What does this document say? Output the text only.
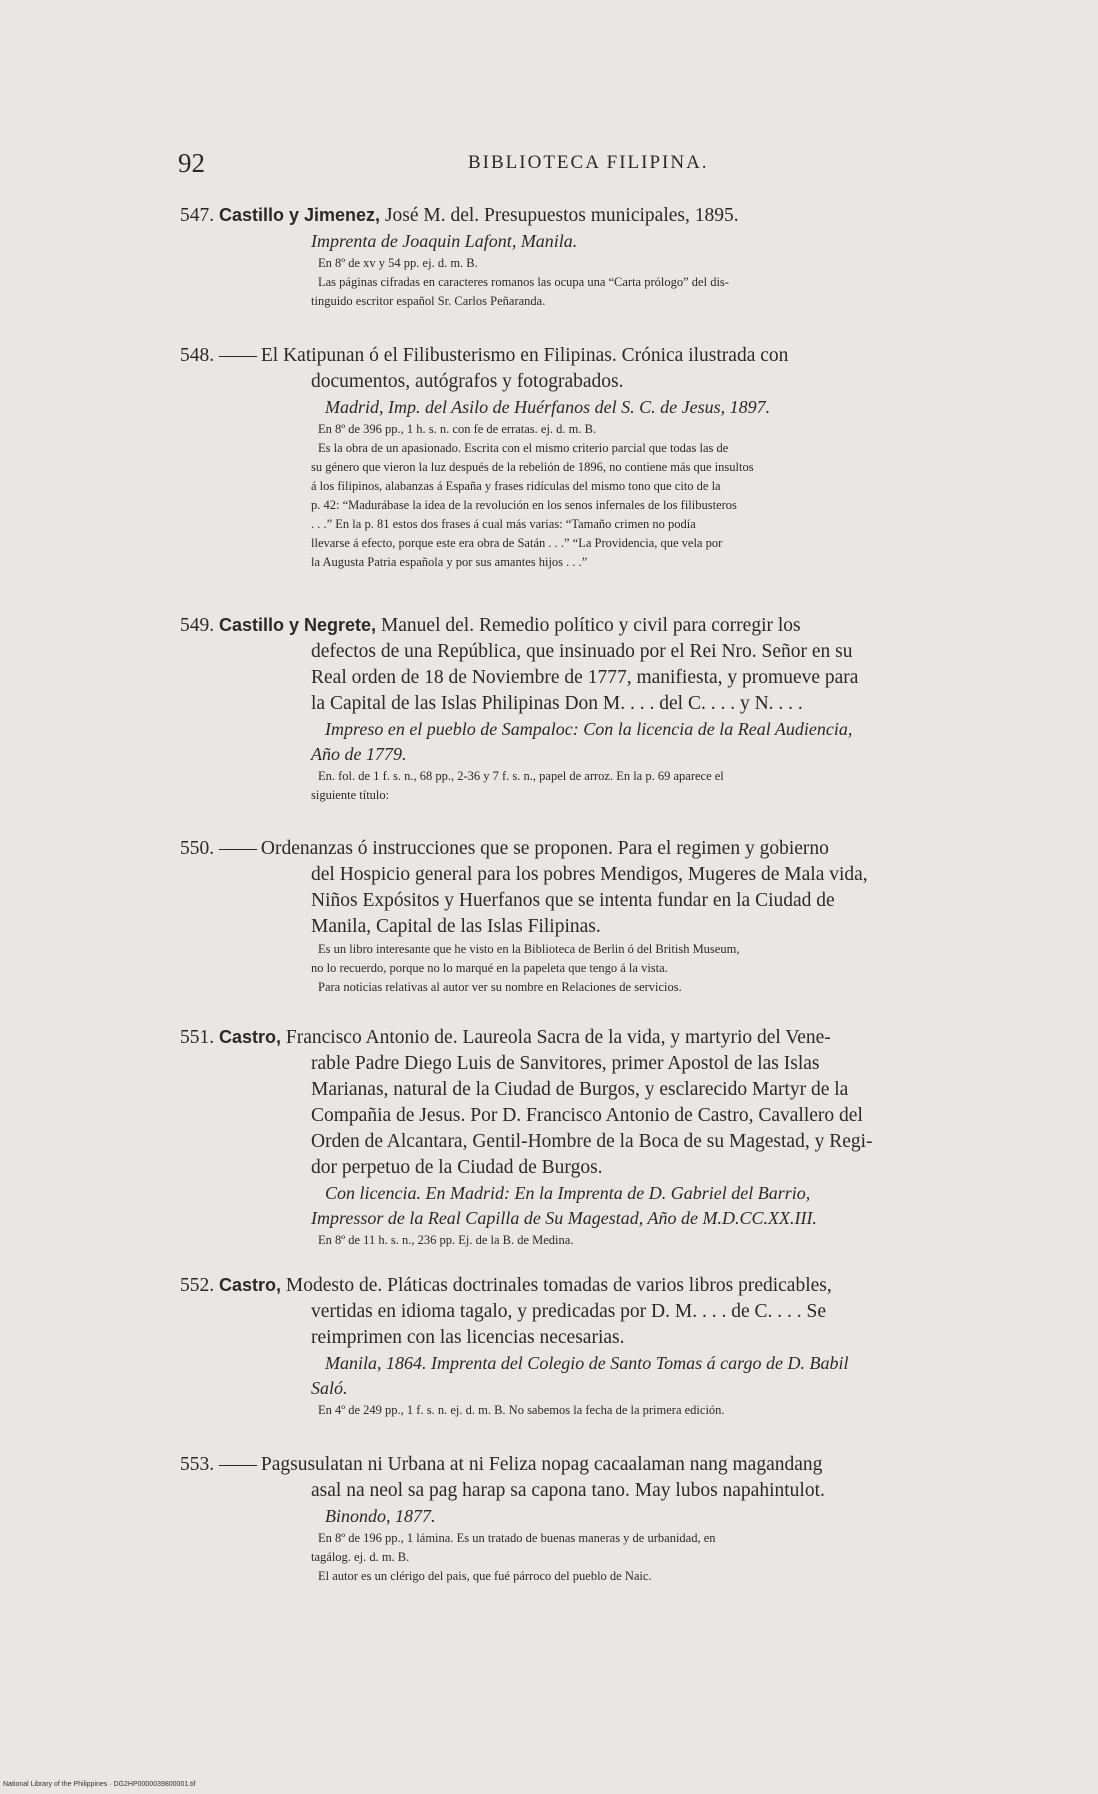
92	BIBLIOTECA FILIPINA.
547. Castillo y Jimenez, José M. del. Presupuestos municipales, 1895.
Imprenta de Joaquin Lafont, Manila.
En 8º de xv y 54 pp. ej. d. m. B.
Las páginas cifradas en caracteres romanos las ocupa una “Carta prólogo” del dis-
tinguido escritor español Sr. Carlos Peñaranda.
548. —— El Katipunan ó el Filibusterismo en Filipinas. Crónica ilustrada con
documentos, autógrafos y fotograbados.
Madrid, Imp. del Asilo de Huérfanos del S. C. de Jesus, 1897.
En 8º de 396 pp., 1 h. s. n. con fe de erratas. ej. d. m. B.
Es la obra de un apasionado. Escrita con el mismo criterio parcial que todas las de
su género que vieron la luz después de la rebelión de 1896, no contiene más que insultos
á los filipinos, alabanzas á España y frases ridículas del mismo tono que cito de la
p. 42: “Madurábase la idea de la revolución en los senos infernales de los filibusteros
. . .” En la p. 81 estos dos frases á cual más varias: “Tamaño crimen no podía
llevarse á efecto, porque este era obra de Satán . . .” “La Providencia, que vela por
la Augusta Patria española y por sus amantes hijos . . .”
549. Castillo y Negrete, Manuel del. Remedio político y civil para corregir los
defectos de una República, que insinuado por el Rei Nro. Señor en su
Real orden de 18 de Noviembre de 1777, manifiesta, y promueve para
la Capital de las Islas Philipinas Don M. . . . del C. . . . y N. . . .
Impreso en el pueblo de Sampaloc: Con la licencia de la Real Audiencia,
Año de 1779.
En. fol. de 1 f. s. n., 68 pp., 2-36 y 7 f. s. n., papel de arroz. En la p. 69 aparece el
siguiente título:
550. —— Ordenanzas ó instrucciones que se proponen. Para el regimen y gobierno
del Hospicio general para los pobres Mendigos, Mugeres de Mala vida,
Niños Expósitos y Huerfanos que se intenta fundar en la Ciudad de
Manila, Capital de las Islas Filipinas.
Es un libro interesante que he visto en la Biblioteca de Berlin ó del British Museum,
no lo recuerdo, porque no lo marqué en la papeleta que tengo á la vista.
Para noticias relativas al autor ver su nombre en Relaciones de servicios.
551. Castro, Francisco Antonio de. Laureola Sacra de la vida, y martyrio del Vene-
rable Padre Diego Luis de Sanvitores, primer Apostol de las Islas
Marianas, natural de la Ciudad de Burgos, y esclarecido Martyr de la
Compañia de Jesus. Por D. Francisco Antonio de Castro, Cavallero del
Orden de Alcantara, Gentil-Hombre de la Boca de su Magestad, y Regi-
dor perpetuo de la Ciudad de Burgos.
Con licencia. En Madrid: En la Imprenta de D. Gabriel del Barrio,
Impressor de la Real Capilla de Su Magestad, Año de M.D.CC.XX.III.
En 8º de 11 h. s. n., 236 pp. Ej. de la B. de Medina.
552. Castro, Modesto de. Pláticas doctrinales tomadas de varios libros predicables,
vertidas en idioma tagalo, y predicadas por D. M. . . . de C. . . . Se
reimprimen con las licencias necesarias.
Manila, 1864. Imprenta del Colegio de Santo Tomas á cargo de D. Babil
Saló.
En 4º de 249 pp., 1 f. s. n. ej. d. m. B. No sabemos la fecha de la primera edición.
553. —— Pagsusulatan ni Urbana at ni Feliza nopag cacaalaman nang magandang
asal na neol sa pag harap sa capona tano. May lubos napahintulot.
Binondo, 1877.
En 8º de 196 pp., 1 lámina. Es un tratado de buenas maneras y de urbanidad, en
tagálog. ej. d. m. B.
El autor es un clérigo del pais, que fué párroco del pueblo de Naic.
National Library of the Philippines · DG2HP0000039800001.tif
